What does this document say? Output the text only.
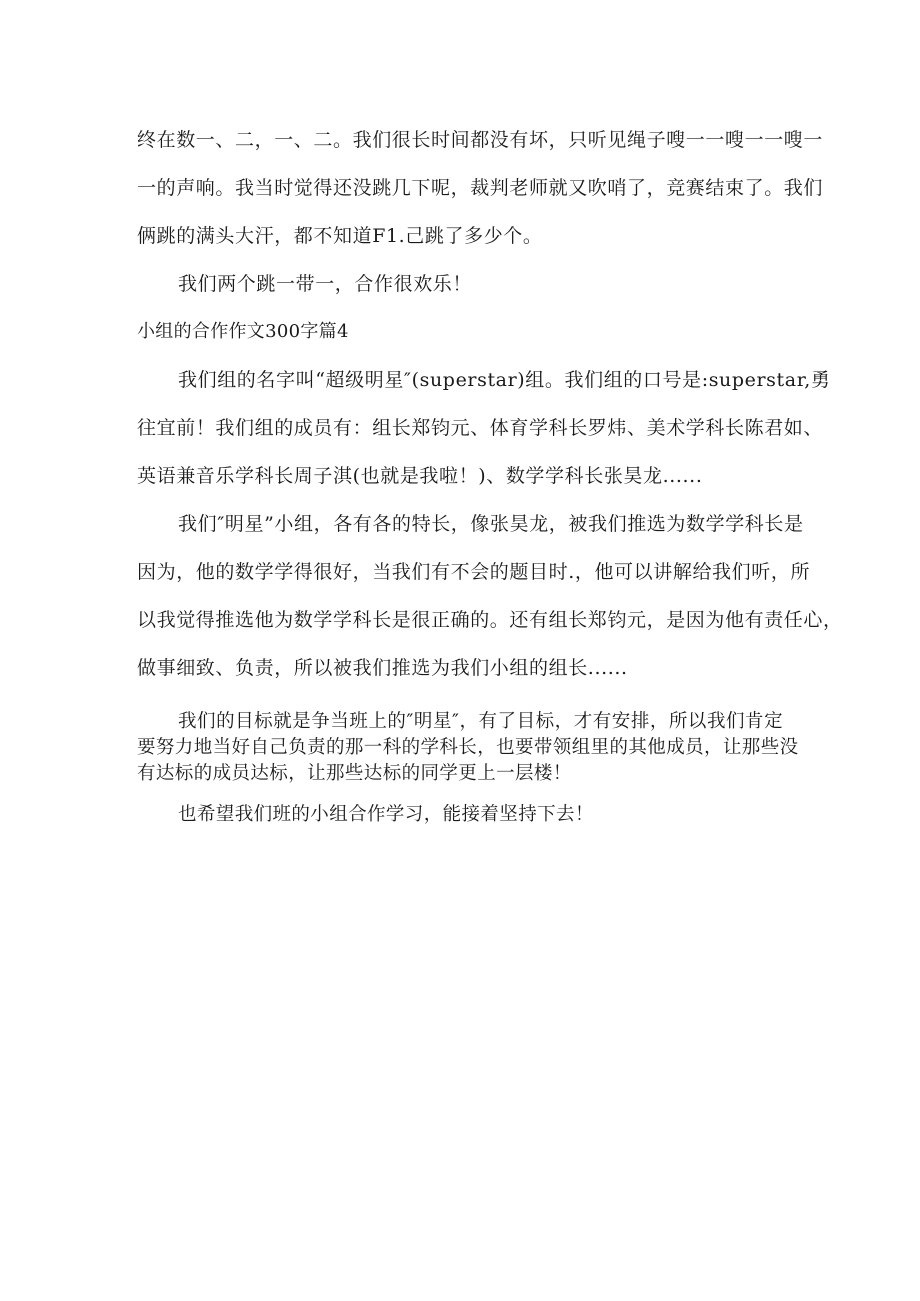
终在数一、二，一、二。我们很长时间都没有坏，只听见绳子嗖一一嗖一一嗖一
一的声响。我当时觉得还没跳几下呢，裁判老师就又吹哨了，竞赛结束了。我们
俩跳的满头大汗，都不知道F1.己跳了多少个。
我们两个跳一带一，合作很欢乐！
小组的合作作文300字篇4
我们组的名字叫“超级明星″(superstar)组。我们组的口号是:superstar,勇
往宜前！我们组的成员有：组长郑钧元、体育学科长罗炜、美术学科长陈君如、
英语兼音乐学科长周子淇(也就是我啦！)、数学学科长张昊龙......
我们″明星”小组，各有各的特长，像张昊龙，被我们推选为数学学科长是
因为，他的数学学得很好，当我们有不会的题目时.，他可以讲解给我们听，所
以我觉得推选他为数学学科长是很正确的。还有组长郑钧元，是因为他有责任心，
做事细致、负责，所以被我们推选为我们小组的组长......
我们的目标就是争当班上的″明星″，有了目标，才有安排，所以我们肯定
要努力地当好自己负责的那一科的学科长，也要带领组里的其他成员，让那些没
有达标的成员达标，让那些达标的同学更上一层楼！
也希望我们班的小组合作学习，能接着坚持下去！
